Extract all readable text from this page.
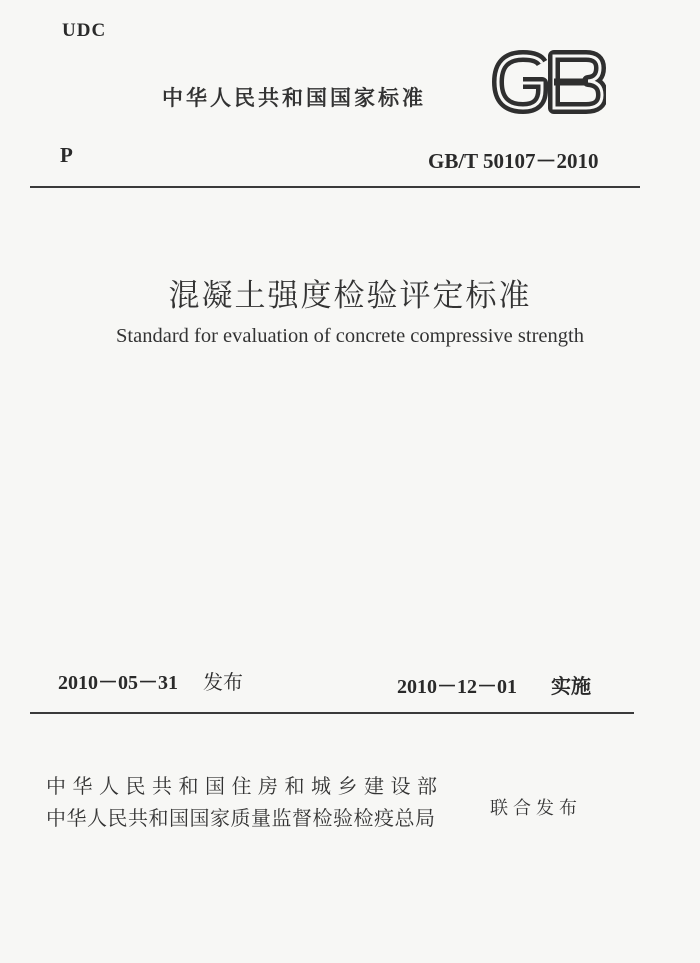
UDC
中华人民共和国国家标准
P	GB/T 50107－2010
混凝土强度检验评定标准
Standard for evaluation of concrete compressive strength
2010－05－31 发布	2010－12－01 实施
中华人民共和国住房和城乡建设部
中华人民共和国国家质量监督检验检疫总局	联合发布
